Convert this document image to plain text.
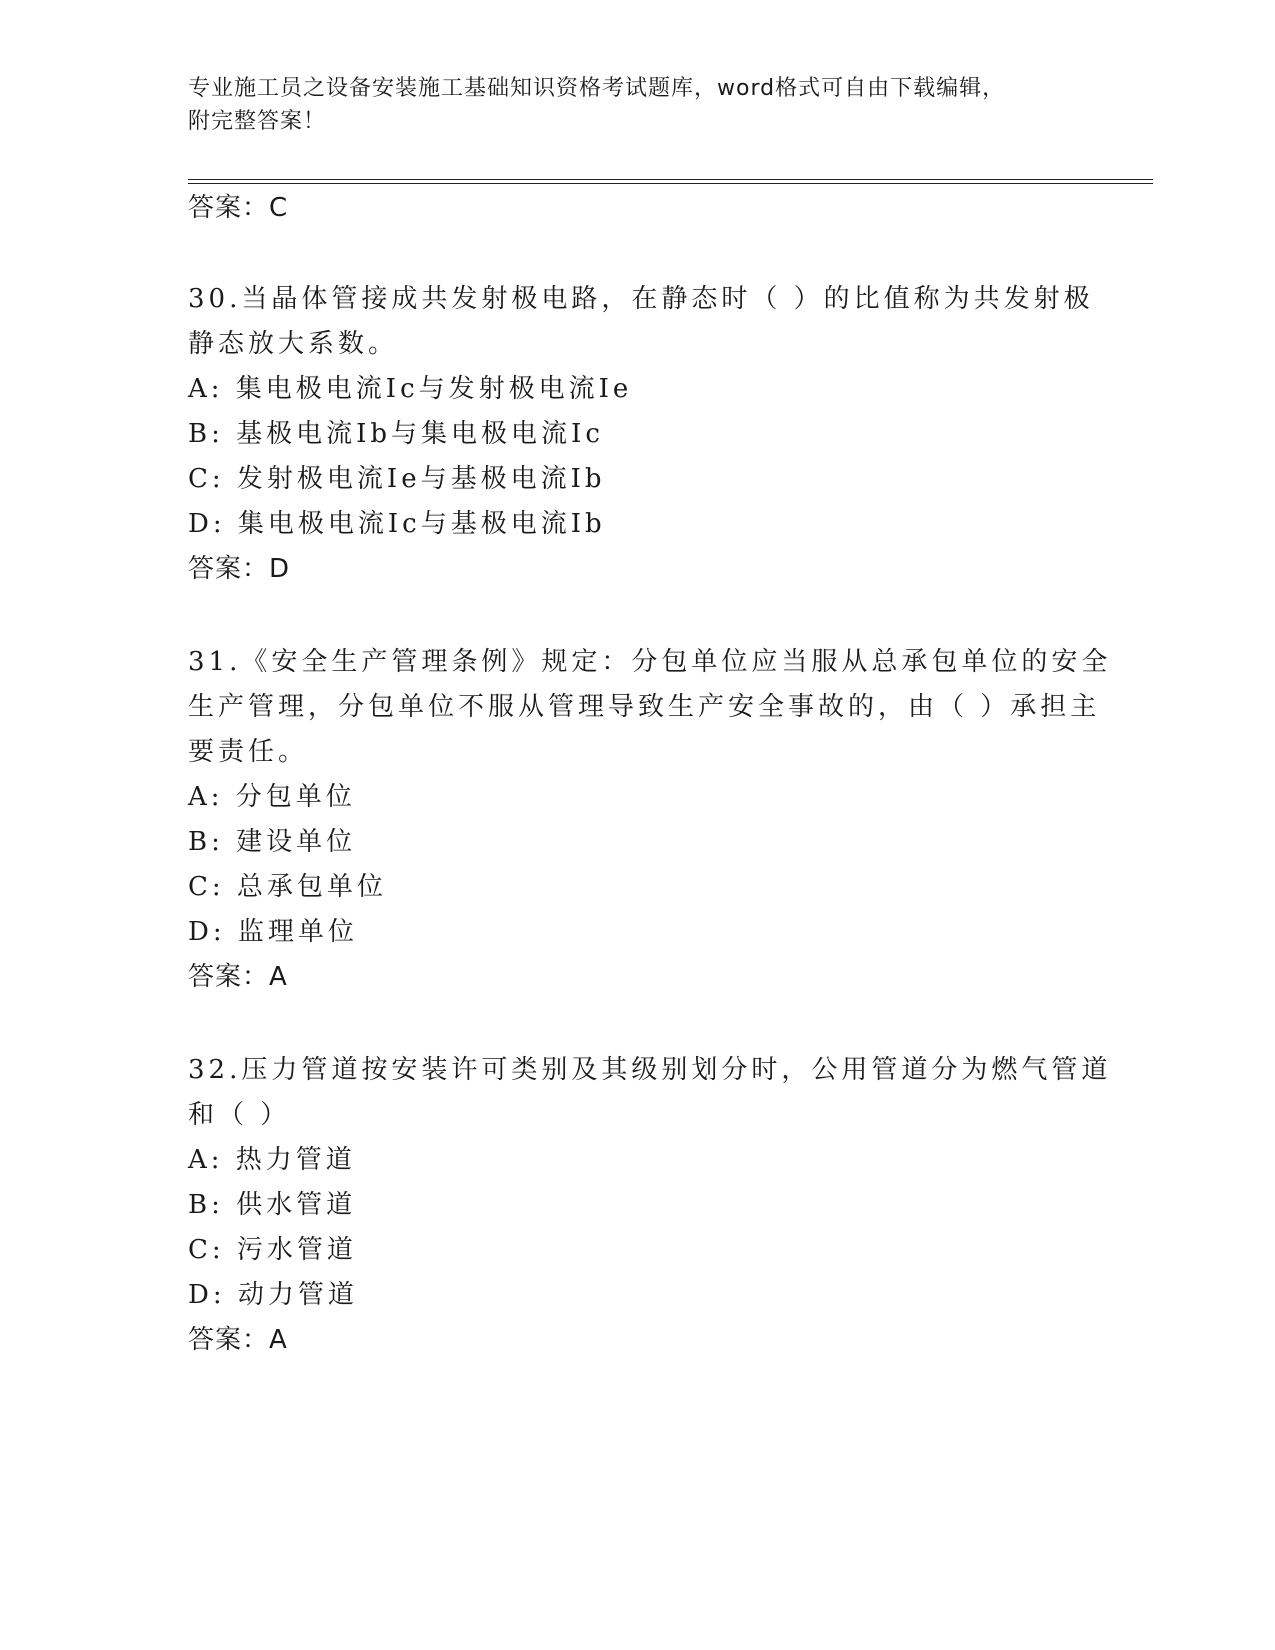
专业施工员之设备安装施工基础知识资格考试题库，word格式可自由下载编辑，
附完整答案！
答案：C
30.当晶体管接成共发射极电路，在静态时（ ）的比值称为共发射极
静态放大系数。
A: 集电极电流Ic与发射极电流Ie
B: 基极电流Ib与集电极电流Ic
C: 发射极电流Ie与基极电流Ib
D: 集电极电流Ic与基极电流Ib
答案：D
31.《安全生产管理条例》规定：分包单位应当服从总承包单位的安全
生产管理，分包单位不服从管理导致生产安全事故的，由（ ）承担主
要责任。
A: 分包单位
B: 建设单位
C: 总承包单位
D: 监理单位
答案：A
32.压力管道按安装许可类别及其级别划分时，公用管道分为燃气管道
和（ ）
A: 热力管道
B: 供水管道
C: 污水管道
D: 动力管道
答案：A
